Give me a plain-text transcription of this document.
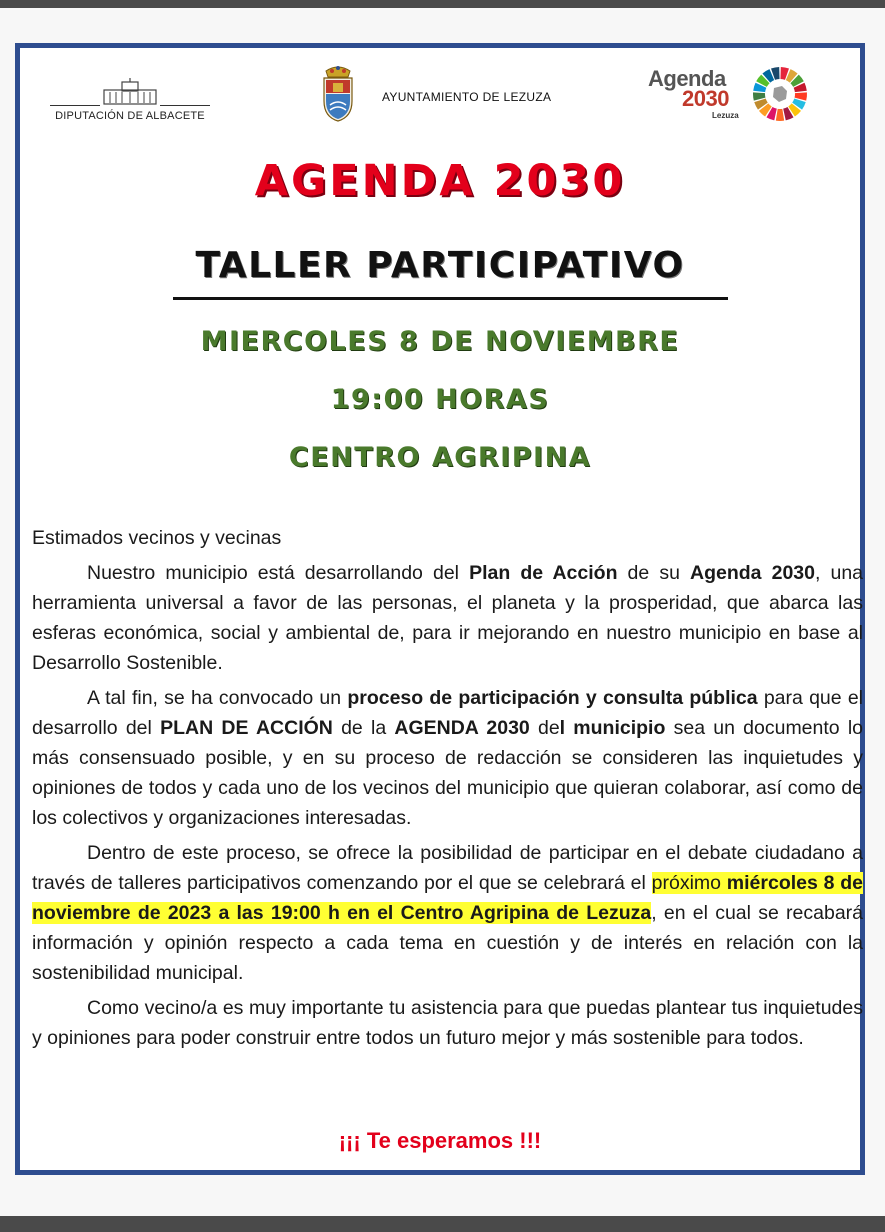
DIPUTACIÓN DE ALBACETE
AYUNTAMIENTO DE LEZUZA
Agenda
2030
Lezuza
AGENDA 2030
TALLER PARTICIPATIVO
MIERCOLES 8 DE NOVIEMBRE
19:00 HORAS
CENTRO AGRIPINA

Estimados vecinos y vecinas

Nuestro municipio está desarrollando del Plan de Acción de su Agenda 2030, una herramienta universal a favor de las personas, el planeta y la prosperidad, que abarca las esferas económica, social y ambiental de, para ir mejorando en nuestro municipio en base al Desarrollo Sostenible.

A tal fin, se ha convocado un proceso de participación y consulta pública para que el desarrollo del PLAN DE ACCIÓN de la AGENDA 2030 del municipio sea un documento lo más consensuado posible, y en su proceso de redacción se consideren las inquietudes y opiniones de todos y cada uno de los vecinos del municipio que quieran colaborar, así como de los colectivos y organizaciones interesadas.

Dentro de este proceso, se ofrece la posibilidad de participar en el debate ciudadano a través de talleres participativos comenzando por el que se celebrará el próximo miércoles 8 de noviembre de 2023 a las 19:00 h en el Centro Agripina de Lezuza, en el cual se recabará información y opinión respecto a cada tema en cuestión y de interés en relación con la sostenibilidad municipal.

Como vecino/a es muy importante tu asistencia para que puedas plantear tus inquietudes y opiniones para poder construir entre todos un futuro mejor y más sostenible para todos.

¡¡¡ Te esperamos !!!
